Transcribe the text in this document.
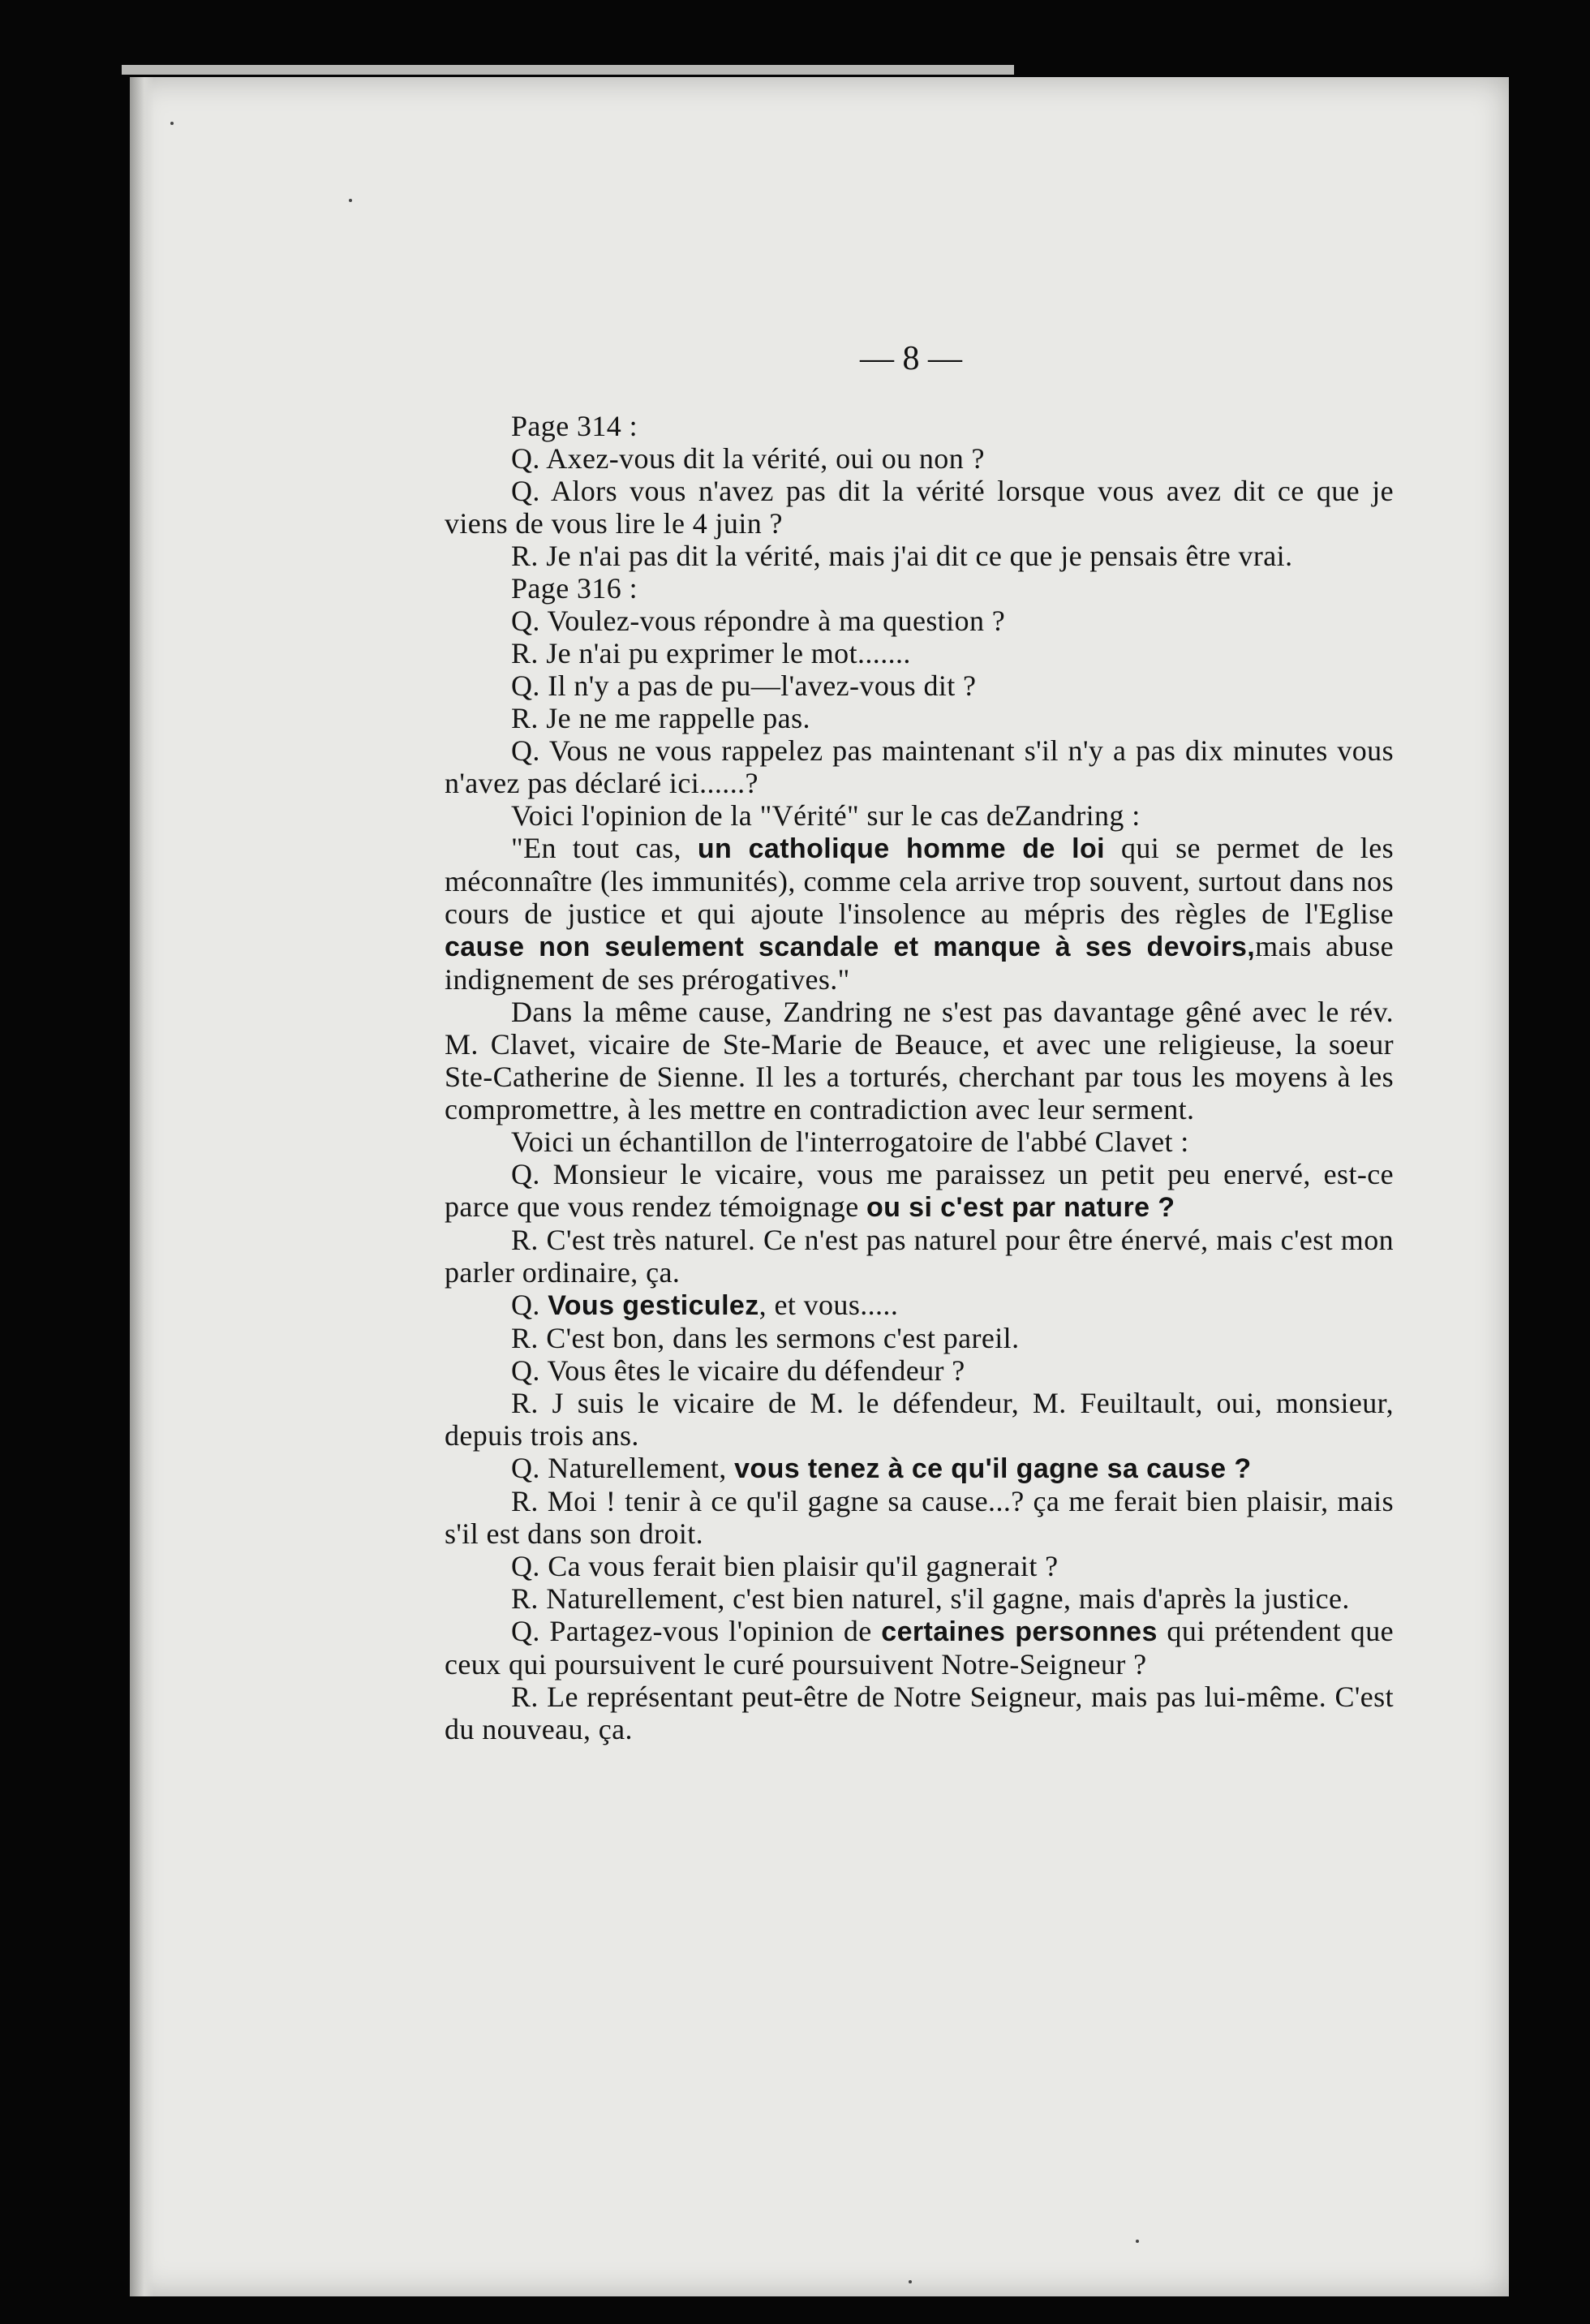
— 8 —

Page 314 :

Q. Axez-vous dit la vérité, oui ou non ?

Q. Alors vous n'avez pas dit la vérité lorsque vous avez dit ce que je viens de vous lire le 4 juin ?

R. Je n'ai pas dit la vérité, mais j'ai dit ce que je pensais être vrai.

Page 316 :

Q. Voulez-vous répondre à ma question ?

R. Je n'ai pu exprimer le mot.......

Q. Il n'y a pas de pu—l'avez-vous dit ?

R. Je ne me rappelle pas.

Q. Vous ne vous rappelez pas maintenant s'il n'y a pas dix minutes vous n'avez pas déclaré ici......?

Voici l'opinion de la "Vérité" sur le cas deZandring :

"En tout cas, un catholique homme de loi qui se permet de les méconnaître (les immunités), comme cela arrive trop souvent, surtout dans nos cours de justice et qui ajoute l'insolence au mépris des règles de l'Eglise cause non seulement scandale et manque à ses devoirs,mais abuse indignement de ses prérogatives."

Dans la même cause, Zandring ne s'est pas davantage gêné avec le rév. M. Clavet, vicaire de Ste-Marie de Beauce, et avec une religieuse, la soeur Ste-Catherine de Sienne. Il les a torturés, cherchant par tous les moyens à les compromettre, à les mettre en contradiction avec leur serment.

Voici un échantillon de l'interrogatoire de l'abbé Clavet :

Q. Monsieur le vicaire, vous me paraissez un petit peu enervé, est-ce parce que vous rendez témoignage ou si c'est par nature ?

R. C'est très naturel. Ce n'est pas naturel pour être énervé, mais c'est mon parler ordinaire, ça.

Q. Vous gesticulez, et vous.....

R. C'est bon, dans les sermons c'est pareil.

Q. Vous êtes le vicaire du défendeur ?

R. J suis le vicaire de M. le défendeur, M. Feuiltault, oui, monsieur, depuis trois ans.

Q. Naturellement, vous tenez à ce qu'il gagne sa cause ?

R. Moi ! tenir à ce qu'il gagne sa cause...? ça me ferait bien plaisir, mais s'il est dans son droit.

Q. Ca vous ferait bien plaisir qu'il gagnerait ?

R. Naturellement, c'est bien naturel, s'il gagne, mais d'après la justice.

Q. Partagez-vous l'opinion de certaines personnes qui prétendent que ceux qui poursuivent le curé poursuivent Notre-Seigneur ?

R. Le représentant peut-être de Notre Seigneur, mais pas lui-même. C'est du nouveau, ça.
